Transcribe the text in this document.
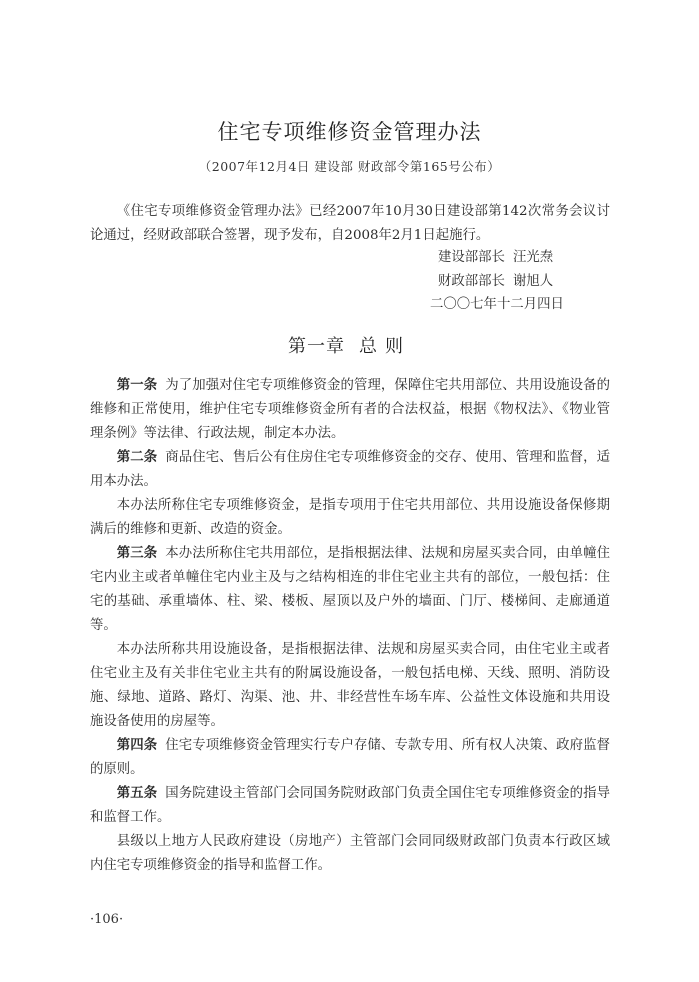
住宅专项维修资金管理办法
（2007年12月4日 建设部 财政部令第165号公布）

《住宅专项维修资金管理办法》已经2007年10月30日建设部第142次常务会议讨论通过，经财政部联合签署，现予发布，自2008年2月1日起施行。

建设部部长 汪光焘
财政部部长 谢旭人
二〇〇七年十二月四日
第一章 总则

第一条 为了加强对住宅专项维修资金的管理，保障住宅共用部位、共用设施设备的维修和正常使用，维护住宅专项维修资金所有者的合法权益，根据《物权法》、《物业管理条例》等法律、行政法规，制定本办法。

第二条 商品住宅、售后公有住房住宅专项维修资金的交存、使用、管理和监督，适用本办法。

本办法所称住宅专项维修资金，是指专项用于住宅共用部位、共用设施设备保修期满后的维修和更新、改造的资金。

第三条 本办法所称住宅共用部位，是指根据法律、法规和房屋买卖合同，由单幢住宅内业主或者单幢住宅内业主及与之结构相连的非住宅业主共有的部位，一般包括：住宅的基础、承重墙体、柱、梁、楼板、屋顶以及户外的墙面、门厅、楼梯间、走廊通道等。

本办法所称共用设施设备，是指根据法律、法规和房屋买卖合同，由住宅业主或者住宅业主及有关非住宅业主共有的附属设施设备，一般包括电梯、天线、照明、消防设施、绿地、道路、路灯、沟渠、池、井、非经营性车场车库、公益性文体设施和共用设施设备使用的房屋等。

第四条 住宅专项维修资金管理实行专户存储、专款专用、所有权人决策、政府监督的原则。

第五条 国务院建设主管部门会同国务院财政部门负责全国住宅专项维修资金的指导和监督工作。

县级以上地方人民政府建设（房地产）主管部门会同同级财政部门负责本行政区域内住宅专项维修资金的指导和监督工作。

·106·
